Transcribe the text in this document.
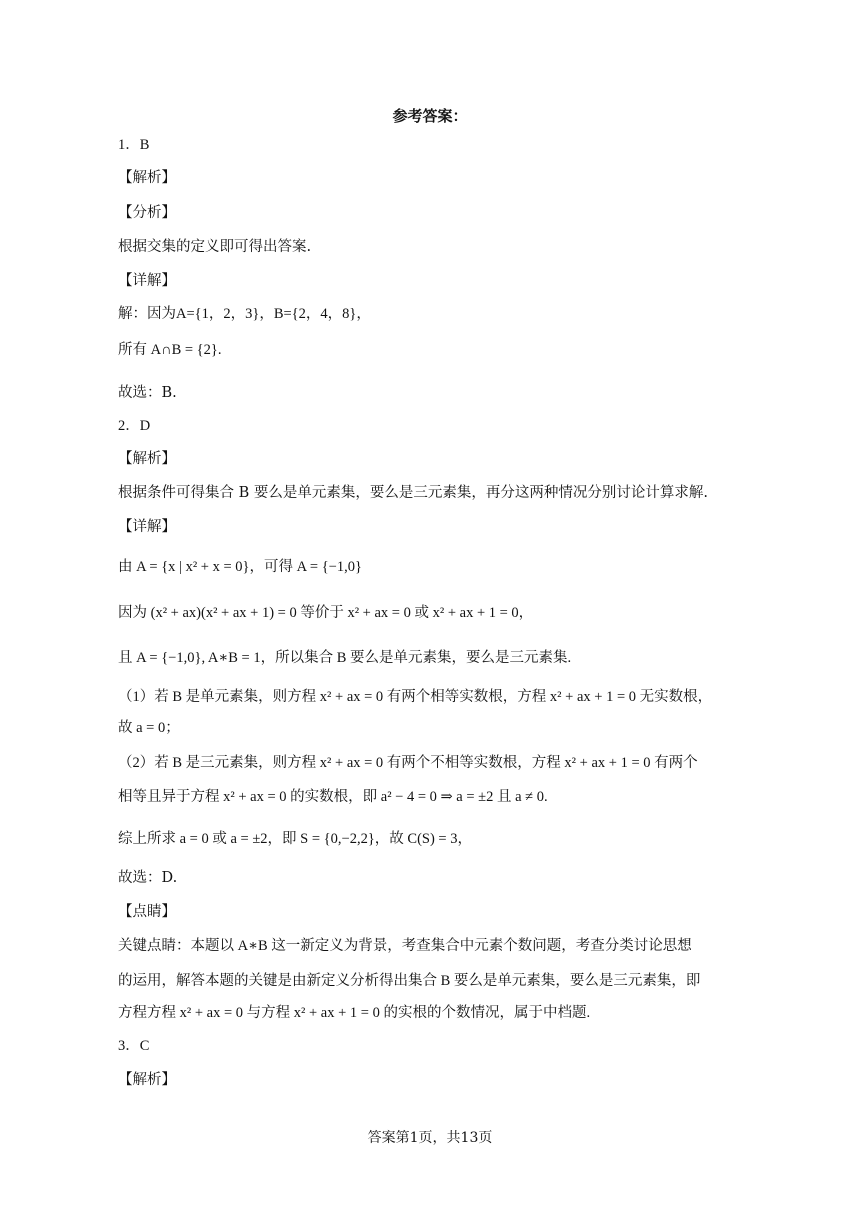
参考答案：
1．B
【解析】
【分析】
根据交集的定义即可得出答案.
【详解】
解：因为A={1，2，3}，B={2，4，8}，
所有 A∩B = {2}.
故选：B.
2．D
【解析】
根据条件可得集合 B 要么是单元素集，要么是三元素集，再分这两种情况分别讨论计算求解.
【详解】
由 A = {x | x² + x = 0}，可得 A = {−1,0}
因为 (x² + ax)(x² + ax + 1) = 0 等价于 x² + ax = 0 或 x² + ax + 1 = 0，
且 A = {−1,0}, A∗B = 1，所以集合 B 要么是单元素集，要么是三元素集.
（1）若 B 是单元素集，则方程 x² + ax = 0 有两个相等实数根，方程 x² + ax + 1 = 0 无实数根，
故 a = 0；
（2）若 B 是三元素集，则方程 x² + ax = 0 有两个不相等实数根，方程 x² + ax + 1 = 0 有两个
相等且异于方程 x² + ax = 0 的实数根，即 a² − 4 = 0 ⇒ a = ±2 且 a ≠ 0.
综上所求 a = 0 或 a = ±2，即 S = {0,−2,2}，故 C(S) = 3，
故选：D.
【点睛】
关键点睛：本题以 A∗B 这一新定义为背景，考查集合中元素个数问题，考查分类讨论思想
的运用，解答本题的关键是由新定义分析得出集合 B 要么是单元素集，要么是三元素集，即
方程方程 x² + ax = 0 与方程 x² + ax + 1 = 0 的实根的个数情况，属于中档题.
3．C
【解析】
答案第1页，共13页
